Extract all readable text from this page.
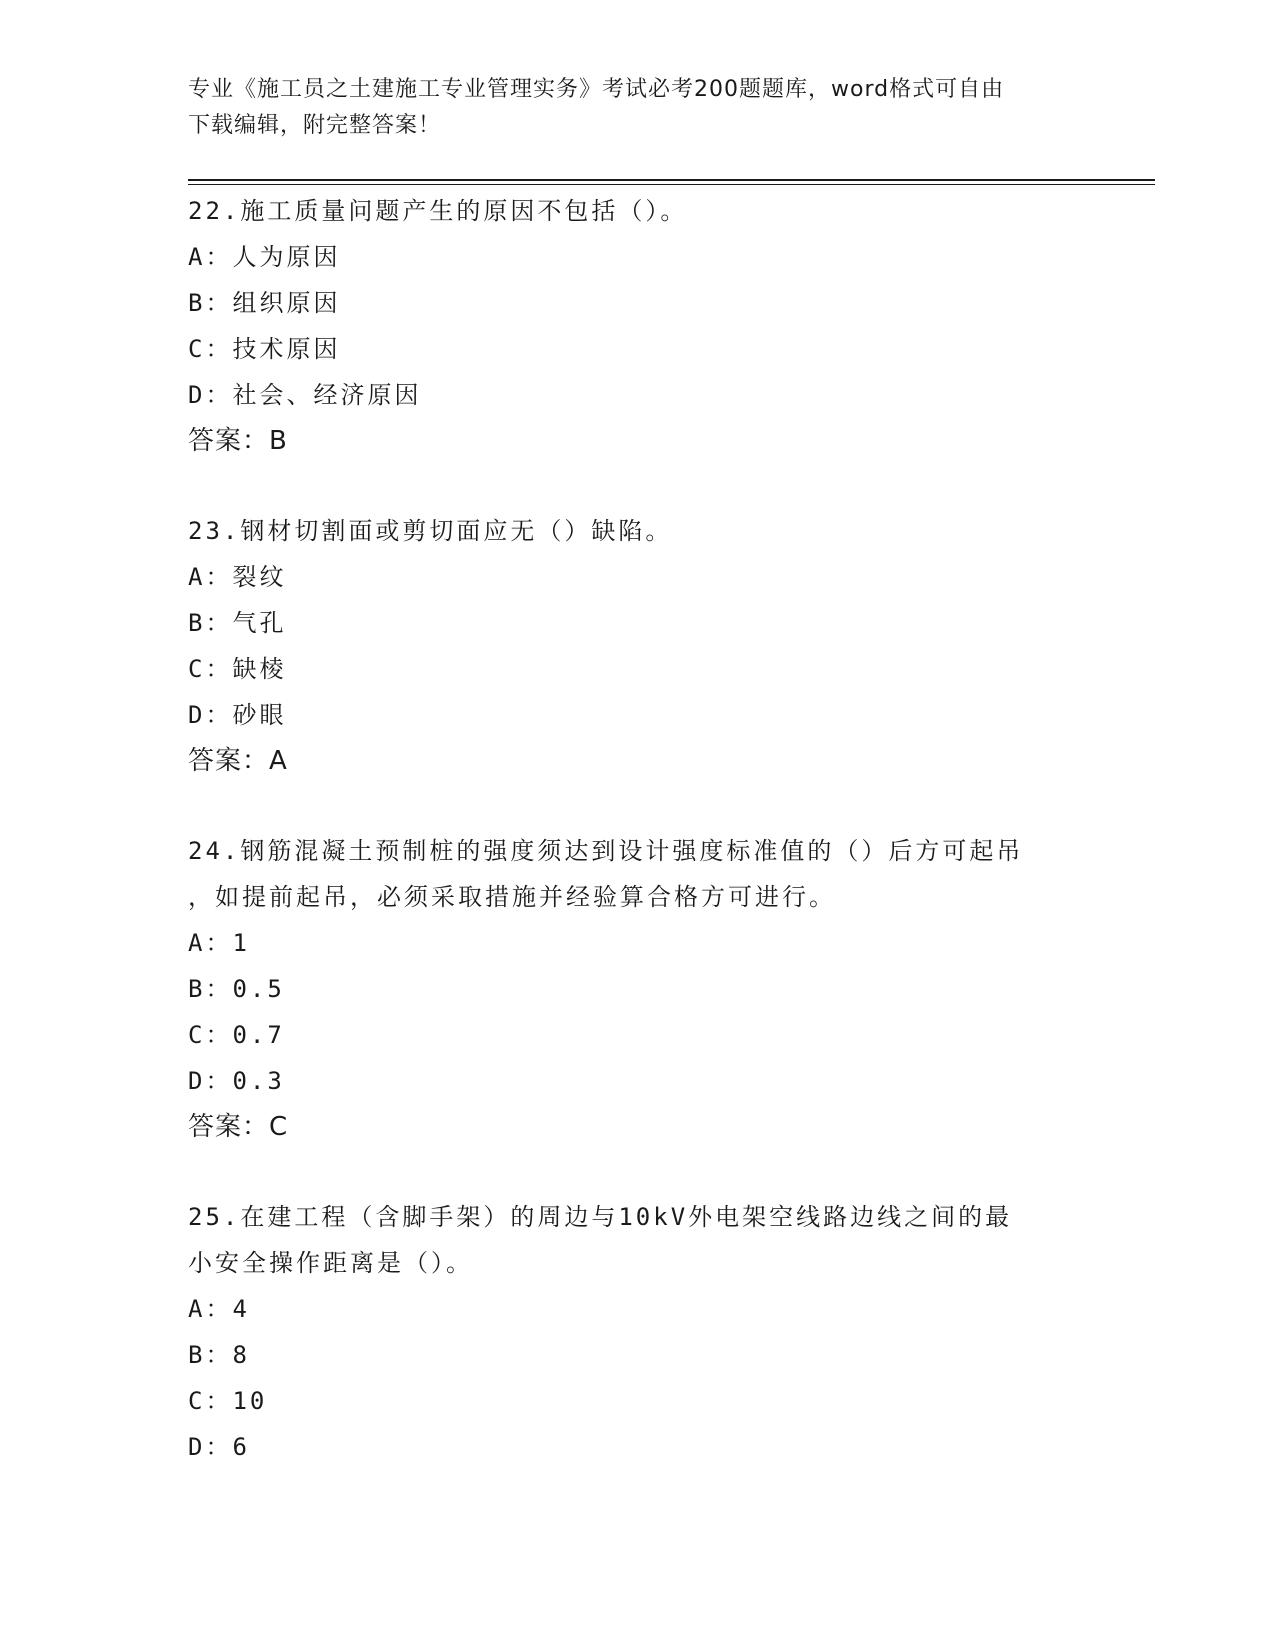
专业《施工员之土建施工专业管理实务》考试必考200题题库，word格式可自由
下载编辑，附完整答案！
22.施工质量问题产生的原因不包括（）。
A：人为原因
B：组织原因
C：技术原因
D：社会、经济原因
答案：B
23.钢材切割面或剪切面应无（）缺陷。
A：裂纹
B：气孔
C：缺棱
D：砂眼
答案：A
24.钢筋混凝土预制桩的强度须达到设计强度标准值的（）后方可起吊
，如提前起吊，必须采取措施并经验算合格方可进行。
A：1
B：0.5
C：0.7
D：0.3
答案：C
25.在建工程（含脚手架）的周边与10kV外电架空线路边线之间的最
小安全操作距离是（）。
A：4
B：8
C：10
D：6
